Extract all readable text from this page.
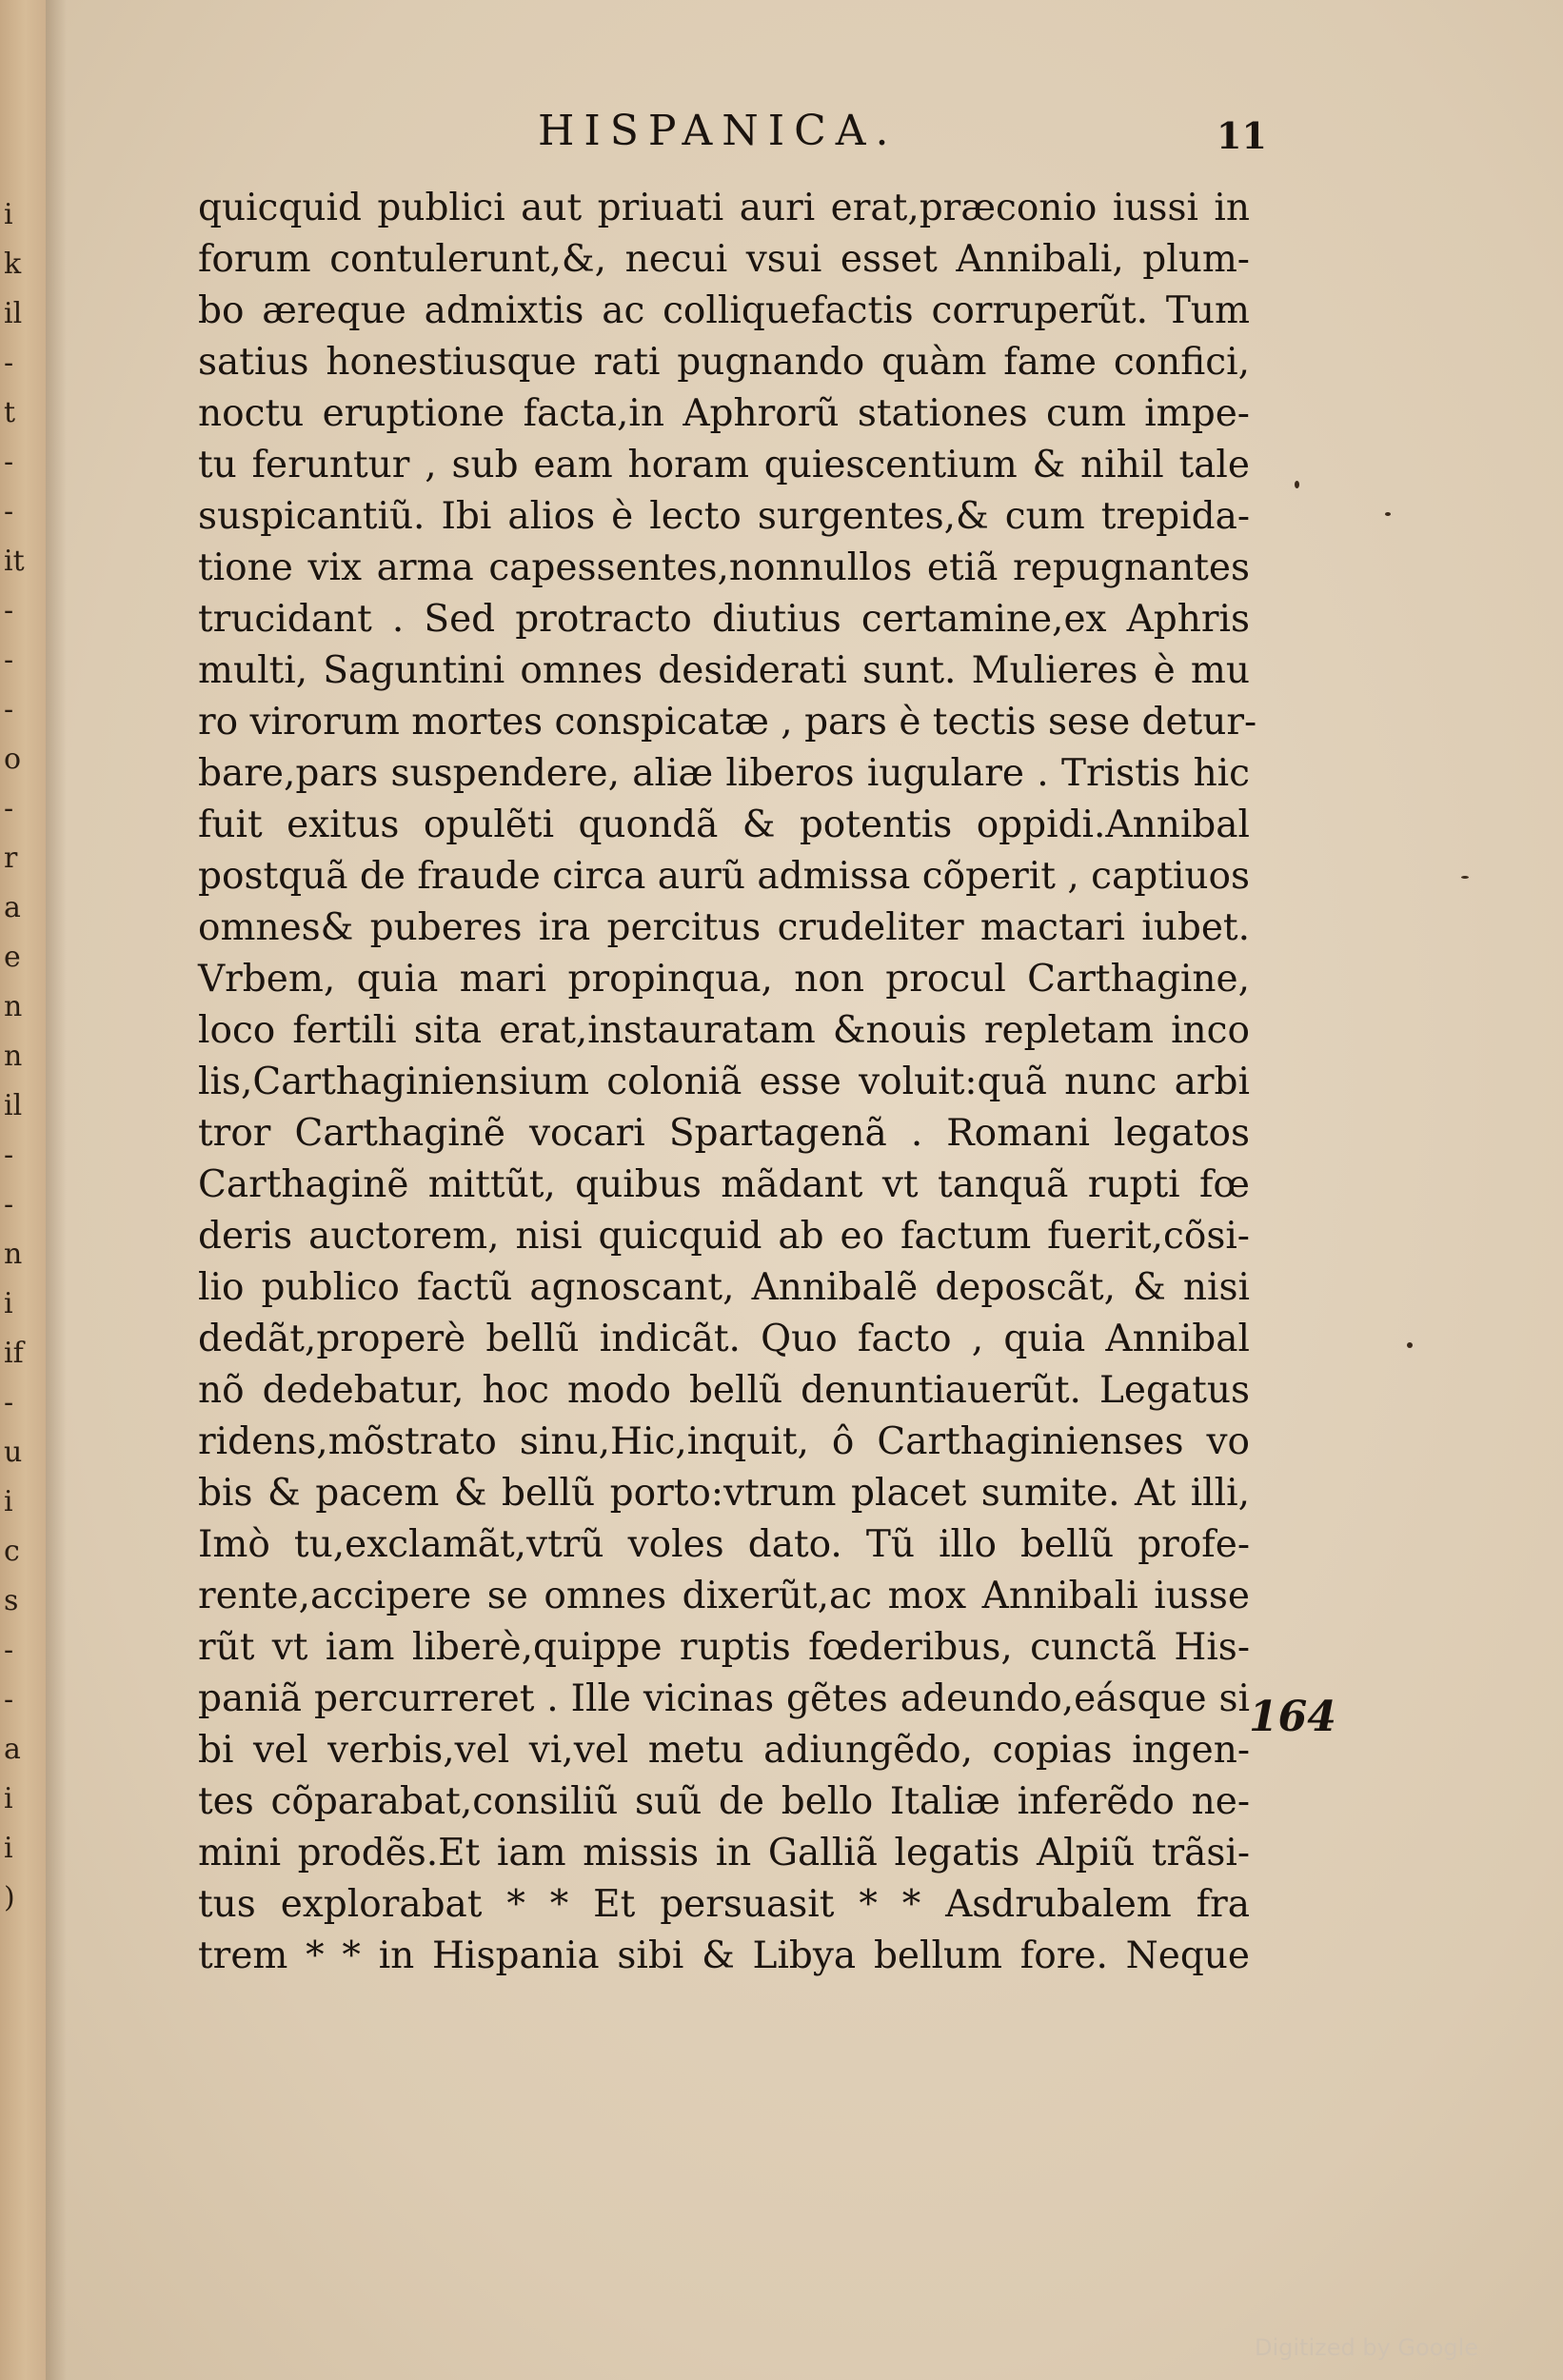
i
k
il
-
t
-
-
it
-
-
-
o
-
r
a
e
n
n
il
-
-
n
i
if
-
u
i
c
s
-
-
a
i
i
)
HISPANICA.	11
quicquid publici aut priuati auri erat,præconio iussi in
forum contulerunt,&, necui vsui esset Annibali, plum-
bo æreque admixtis ac colliquefactis corruperũt. Tum
satius honestiusque rati pugnando quàm fame confici,
noctu eruptione facta,in Aphrorũ stationes cum impe-
tu feruntur , sub eam horam quiescentium & nihil tale
suspicantiũ. Ibi alios è lecto surgentes,& cum trepida-
tione vix arma capessentes,nonnullos etiã repugnantes
trucidant . Sed protracto diutius certamine,ex Aphris
multi, Saguntini omnes desiderati sunt. Mulieres è mu
ro virorum mortes conspicatæ , pars è tectis sese detur-
bare,pars suspendere, aliæ liberos iugulare . Tristis hic
fuit exitus opulẽti quondã & potentis oppidi.Annibal
postquã de fraude circa aurũ admissa cõperit , captiuos
omnes& puberes ira percitus crudeliter mactari iubet.
Vrbem, quia mari propinqua, non procul Carthagine,
loco fertili sita erat,instauratam &nouis repletam inco
lis,Carthaginiensium coloniã esse voluit:quã nunc arbi
tror Carthaginẽ vocari Spartagenã . Romani legatos
Carthaginẽ mittũt, quibus mãdant vt tanquã rupti fœ
deris auctorem, nisi quicquid ab eo factum fuerit,cõsi-
lio publico factũ agnoscant, Annibalẽ deposcãt, & nisi
dedãt,properè bellũ indicãt. Quo facto , quia Annibal
nõ dedebatur, hoc modo bellũ denuntiauerũt. Legatus
ridens,mõstrato sinu,Hic,inquit, ô Carthaginienses vo
bis & pacem & bellũ porto:vtrum placet sumite. At illi,
Imò tu,exclamãt,vtrũ voles dato. Tũ illo bellũ profe-
rente,accipere se omnes dixerũt,ac mox Annibali iusse
rũt vt iam liberè,quippe ruptis fœderibus, cunctã His-
paniã percurreret . Ille vicinas gẽtes adeundo,eásque si
bi vel verbis,vel vi,vel metu adiungẽdo, copias ingen-
tes cõparabat,consiliũ suũ de bello Italiæ inferẽdo ne-
mini prodẽs.Et iam missis in Galliã legatis Alpiũ trãsi-
tus explorabat * * Et persuasit * * Asdrubalem fra
trem * * in Hispania sibi & Libya bellum fore. Neque
164
Digitized by Google
